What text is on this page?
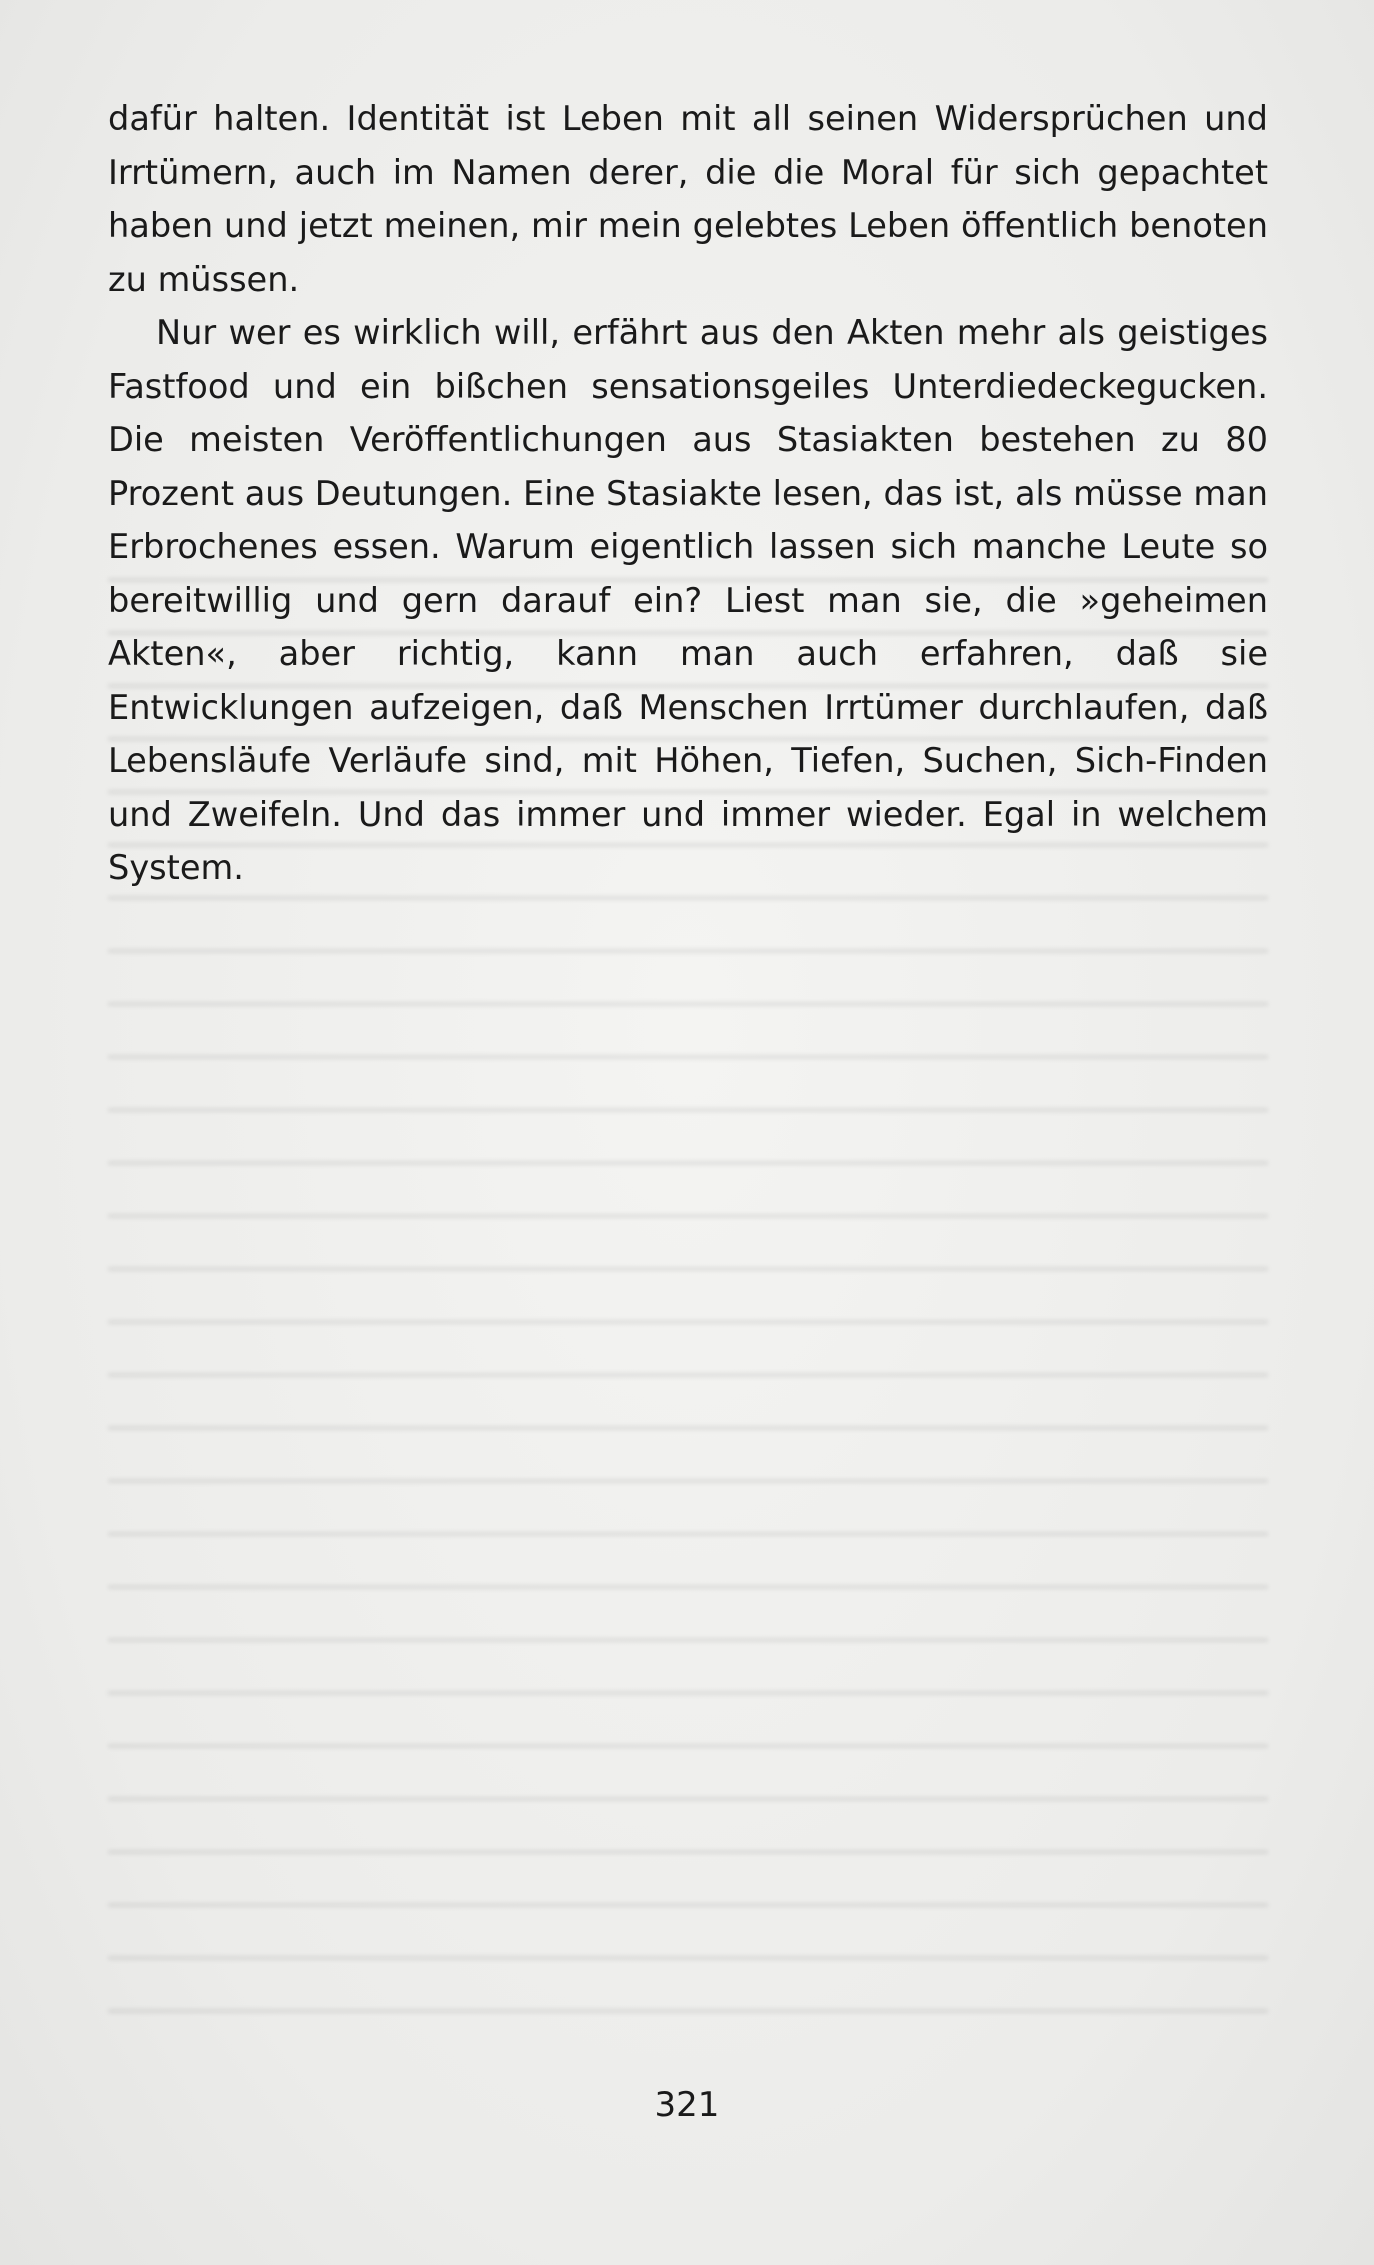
dafür halten. Identität ist Leben mit all seinen Widersprüchen und Irrtümern, auch im Namen derer, die die Moral für sich gepachtet haben und jetzt meinen, mir mein gelebtes Leben öffentlich benoten zu müssen.

Nur wer es wirklich will, erfährt aus den Akten mehr als geistiges Fastfood und ein bißchen sensationsgeiles Unterdiedeckegucken. Die meisten Veröffentlichungen aus Stasiakten bestehen zu 80 Prozent aus Deutungen. Eine Stasiakte lesen, das ist, als müsse man Erbrochenes essen. Warum eigentlich lassen sich manche Leute so bereitwillig und gern darauf ein? Liest man sie, die »geheimen Akten«, aber richtig, kann man auch erfahren, daß sie Entwicklungen aufzeigen, daß Menschen Irrtümer durchlaufen, daß Lebensläufe Verläufe sind, mit Höhen, Tiefen, Suchen, Sich-Finden und Zweifeln. Und das immer und immer wieder. Egal in welchem System.

321
